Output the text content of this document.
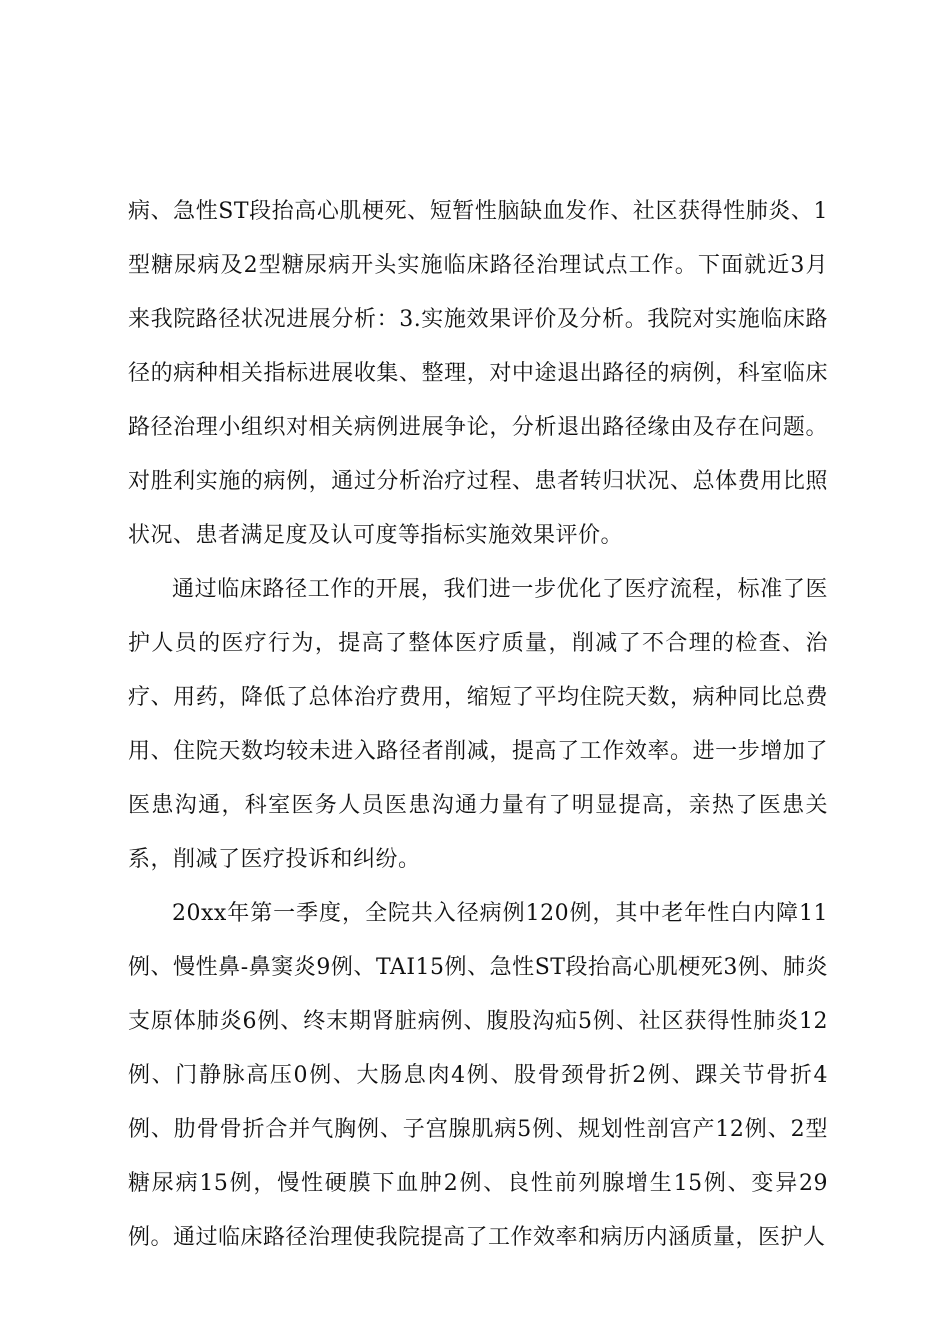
病、急性ST段抬高心肌梗死、短暂性脑缺血发作、社区获得性肺炎、1型糖尿病及2型糖尿病开头实施临床路径治理试点工作。下面就近3月来我院路径状况进展分析：3.实施效果评价及分析。我院对实施临床路径的病种相关指标进展收集、整理，对中途退出路径的病例，科室临床路径治理小组织对相关病例进展争论，分析退出路径缘由及存在问题。对胜利实施的病例，通过分析治疗过程、患者转归状况、总体费用比照状况、患者满足度及认可度等指标实施效果评价。

通过临床路径工作的开展，我们进一步优化了医疗流程，标准了医护人员的医疗行为，提高了整体医疗质量，削减了不合理的检查、治疗、用药，降低了总体治疗费用，缩短了平均住院天数，病种同比总费用、住院天数均较未进入路径者削减，提高了工作效率。进一步增加了医患沟通，科室医务人员医患沟通力量有了明显提高，亲热了医患关系，削减了医疗投诉和纠纷。

20xx年第一季度，全院共入径病例120例，其中老年性白内障11例、慢性鼻-鼻窦炎9例、TAI15例、急性ST段抬高心肌梗死3例、肺炎支原体肺炎6例、终末期肾脏病例、腹股沟疝5例、社区获得性肺炎12例、门静脉高压0例、大肠息肉4例、股骨颈骨折2例、踝关节骨折4例、肋骨骨折合并气胸例、子宫腺肌病5例、规划性剖宫产12例、2型糖尿病15例，慢性硬膜下血肿2例、良性前列腺增生15例、变异29例。通过临床路径治理使我院提高了工作效率和病历内涵质量，医护人
